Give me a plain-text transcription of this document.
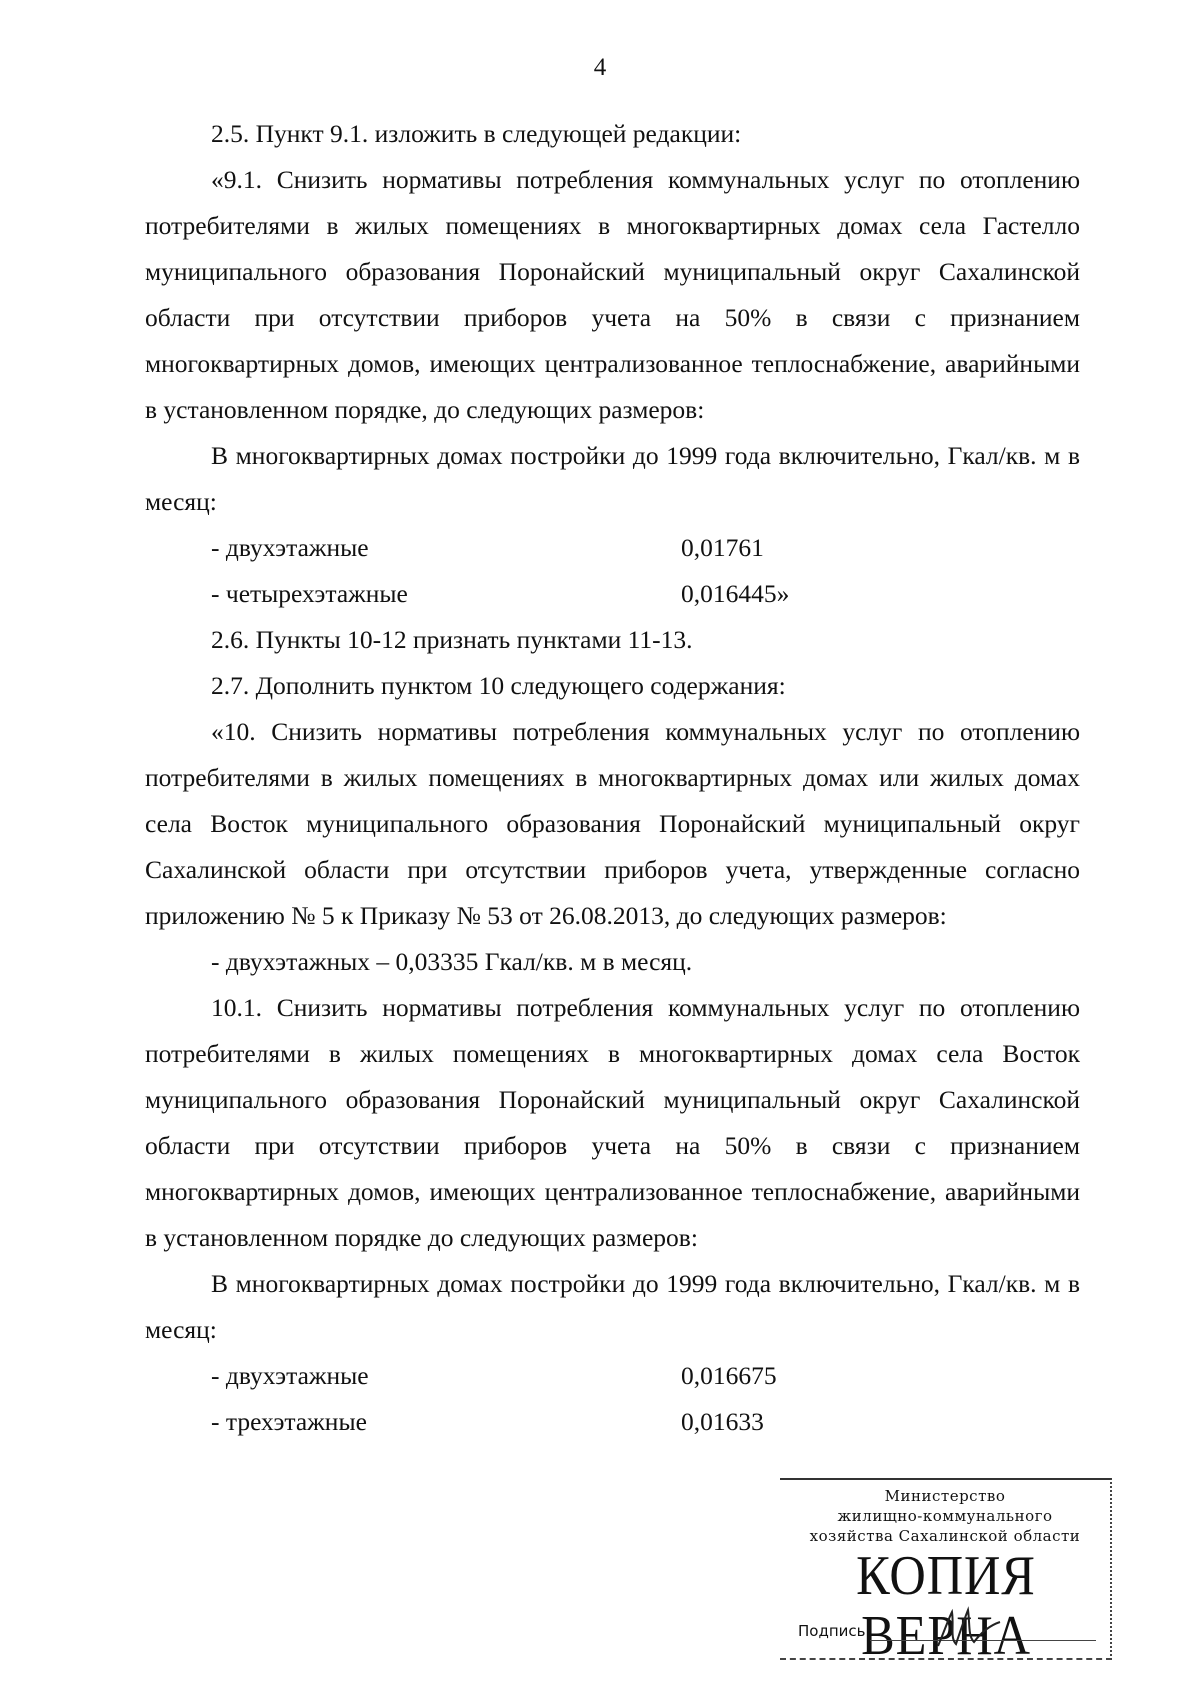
4

2.5. Пункт 9.1. изложить в следующей редакции:

«9.1. Снизить нормативы потребления коммунальных услуг по отоплению потребителями в жилых помещениях в многоквартирных домах села Гастелло муниципального образования Поронайский муниципальный округ Сахалинской области при отсутствии приборов учета на 50% в связи с признанием многоквартирных домов, имеющих централизованное теплоснабжение, аварийными в установленном порядке, до следующих размеров:

В многоквартирных домах постройки до 1999 года включительно, Гкал/кв. м в месяц:

- двухэтажные	0,01761
- четырехэтажные	0,016445»

2.6. Пункты 10-12 признать пунктами 11-13.

2.7. Дополнить пунктом 10 следующего содержания:

«10. Снизить нормативы потребления коммунальных услуг по отоплению потребителями в жилых помещениях в многоквартирных домах или жилых домах села Восток муниципального образования Поронайский муниципальный округ Сахалинской области при отсутствии приборов учета, утвержденные согласно приложению № 5 к Приказу № 53 от 26.08.2013, до следующих размеров:

- двухэтажных – 0,03335 Гкал/кв. м в месяц.

10.1. Снизить нормативы потребления коммунальных услуг по отоплению потребителями в жилых помещениях в многоквартирных домах села Восток муниципального образования Поронайский муниципальный округ Сахалинской области при отсутствии приборов учета на 50% в связи с признанием многоквартирных домов, имеющих централизованное теплоснабжение, аварийными в установленном порядке до следующих размеров:

В многоквартирных домах постройки до 1999 года включительно, Гкал/кв. м в месяц:

- двухэтажные	0,016675
- трехэтажные	0,01633
Министерство
жилищно-коммунального
хозяйства Сахалинской области
КОПИЯ ВЕРНА
Подпись
